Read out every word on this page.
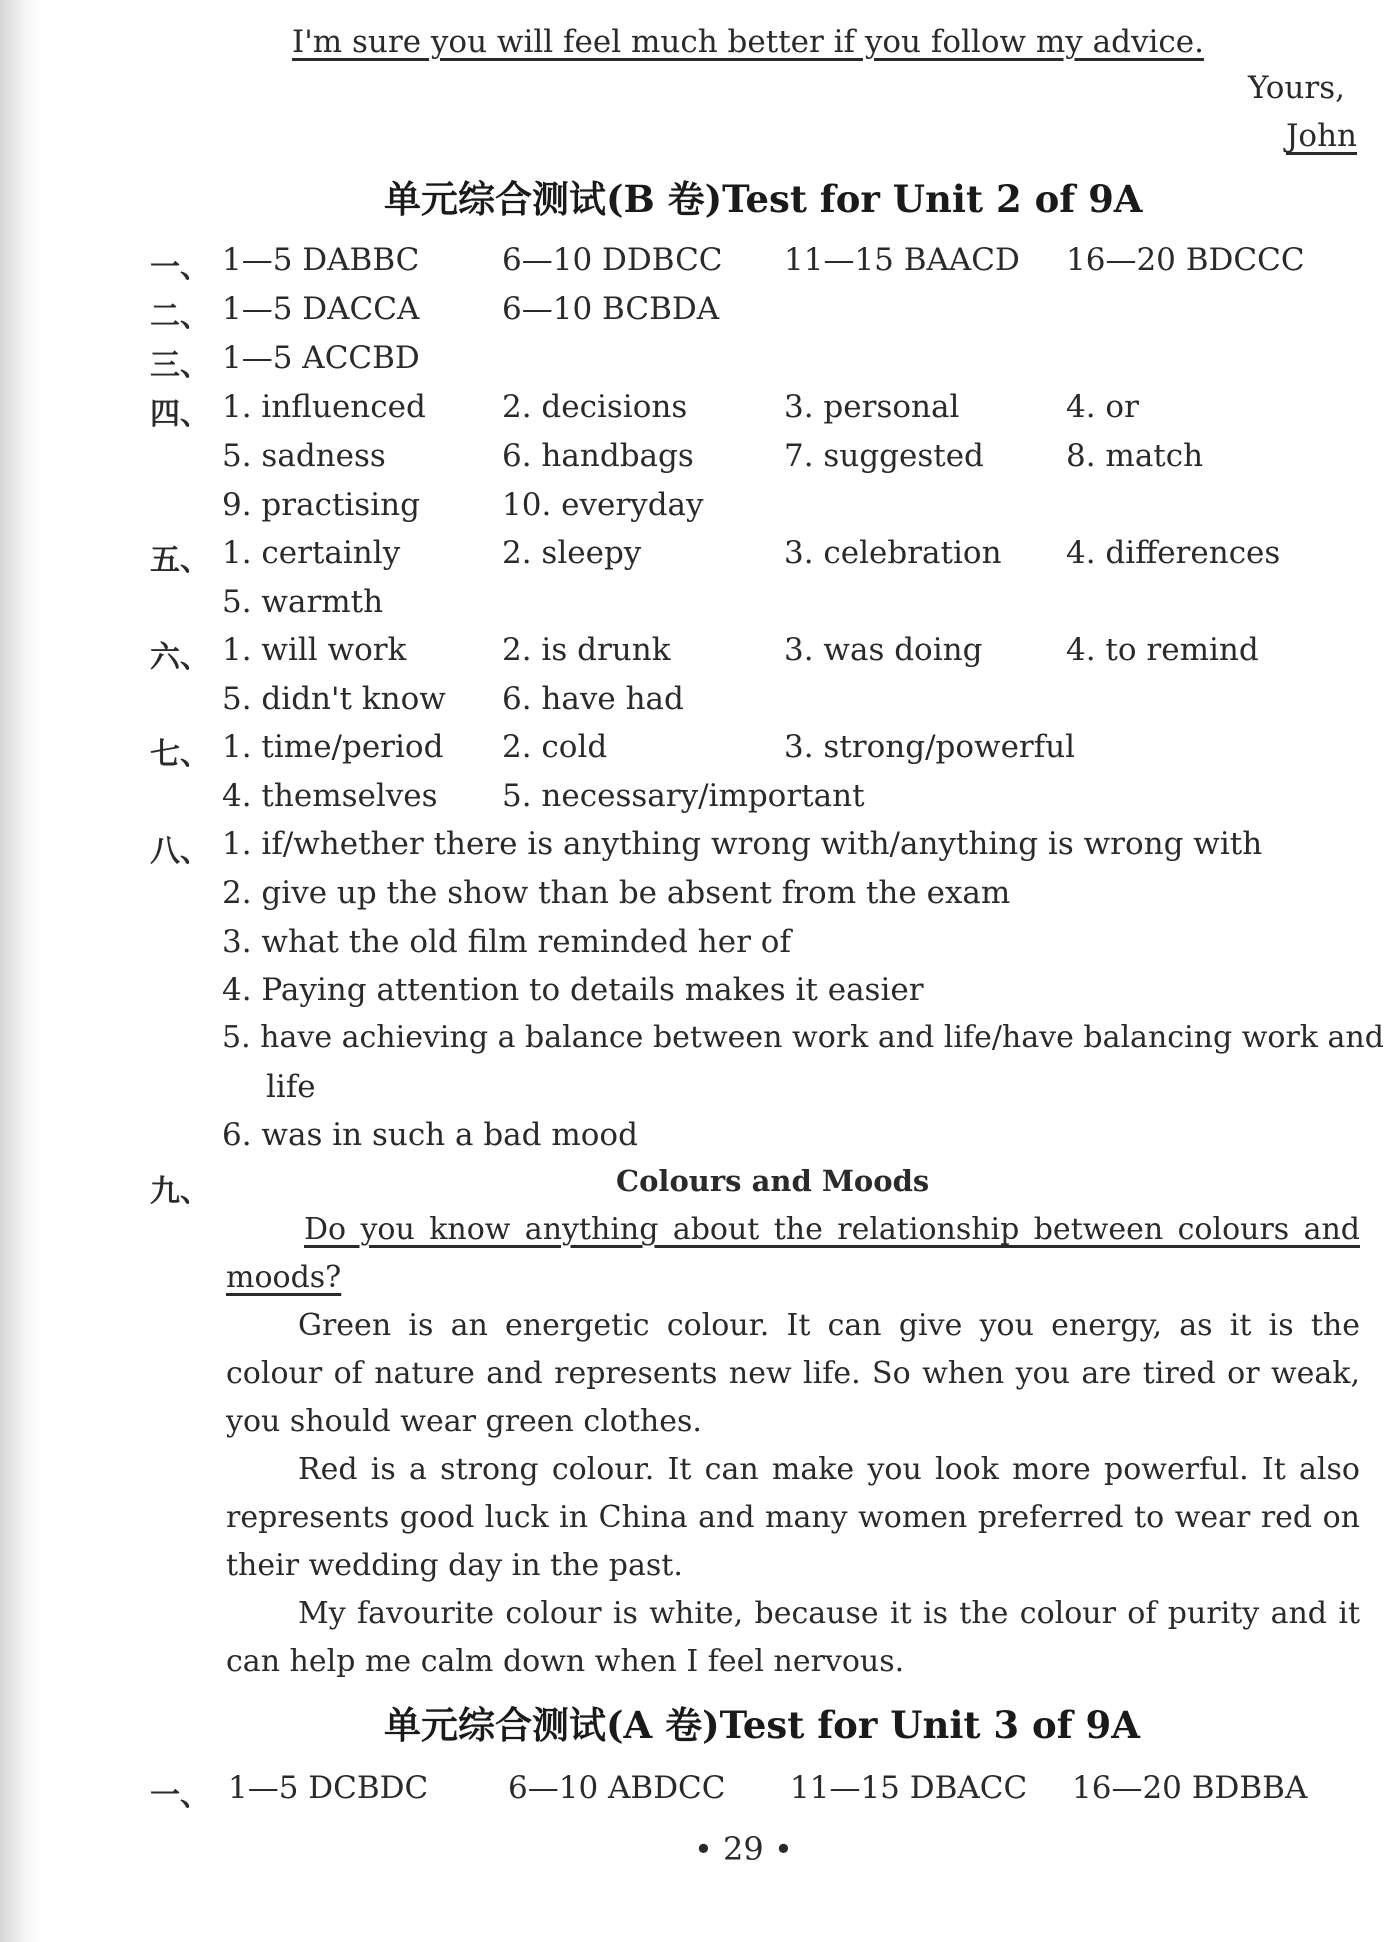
I'm sure you will feel much better if you follow my advice.
Yours,
John
单元综合测试(B 卷)Test for Unit 2 of 9A
一、 1—5 DABBC	6—10 DDBCC 11—15 BAACD 16—20 BDCCC
二、 1—5 DACCA	6—10 BCBDA
三、 1—5 ACCBD
四、 1. influenced 2. decisions	3. personal	4. or
5. sadness	6. handbags	7. suggested	8. match
9. practising	10. everyday
五、 1. certainly	2. sleepy	3. celebration 4. differences
5. warmth
六、 1. will work	2. is drunk	3. was doing	4. to remind
5. didn't know 6. have had
七、 1. time/period 2. cold	3. strong/powerful
4. themselves 5. necessary/important
八、 1. if/whether there is anything wrong with/anything is wrong with
2. give up the show than be absent from the exam
3. what the old film reminded her of
4. Paying attention to details makes it easier
5. have achieving a balance between work and life/have balancing work and
life
6. was in such a bad mood
九、	Colours and Moods
Do you know anything about the relationship between colours and moods?
Green is an energetic colour. It can give you energy, as it is the colour of nature and represents new life. So when you are tired or weak, you should wear green clothes.
Red is a strong colour. It can make you look more powerful. It also represents good luck in China and many women preferred to wear red on their wedding day in the past.
My favourite colour is white, because it is the colour of purity and it can help me calm down when I feel nervous.
单元综合测试(A 卷)Test for Unit 3 of 9A
一、 1—5 DCBDC	6—10 ABDCC 11—15 DBACC 16—20 BDBBA
• 29 •
